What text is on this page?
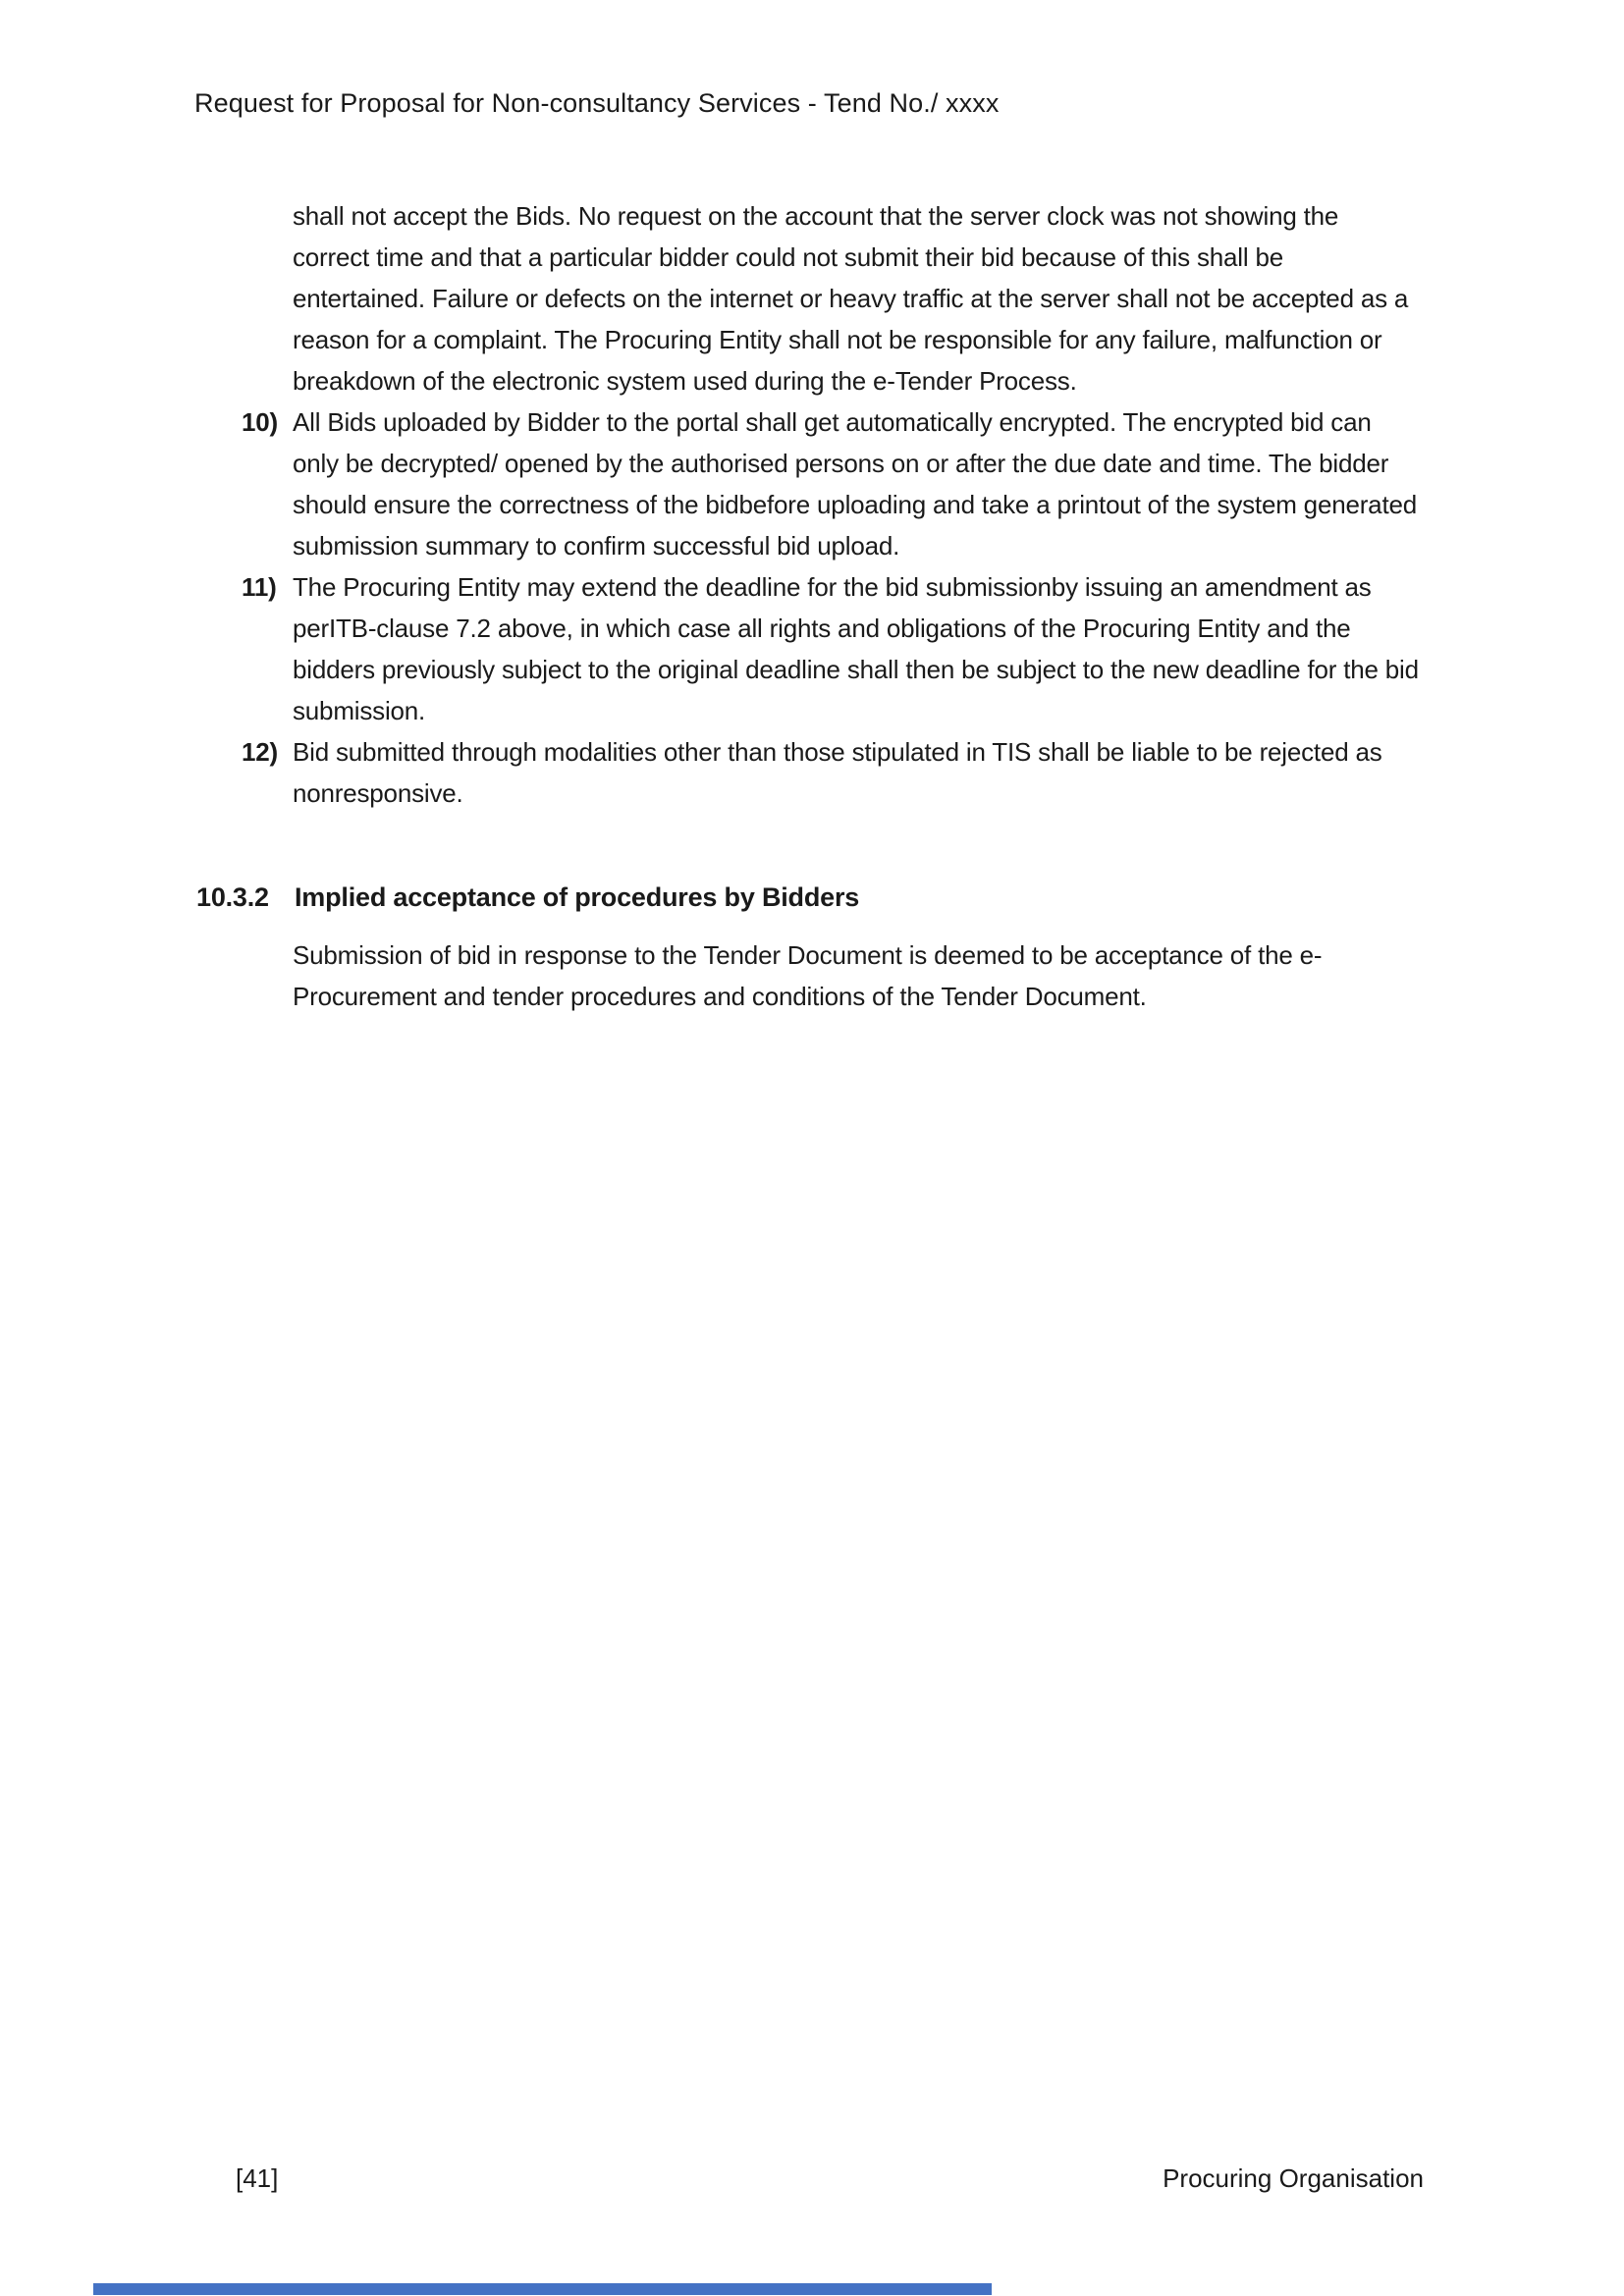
Request for Proposal for Non-consultancy Services - Tend No./ xxxx

shall not accept the Bids. No request on the account that the server clock was not showing the correct time and that a particular bidder could not submit their bid because of this shall be entertained. Failure or defects on the internet or heavy traffic at the server shall not be accepted as a reason for a complaint. The Procuring Entity shall not be responsible for any failure, malfunction or breakdown of the electronic system used during the e-Tender Process.

10) All Bids uploaded by Bidder to the portal shall get automatically encrypted. The encrypted bid can only be decrypted/ opened by the authorised persons on or after the due date and time. The bidder should ensure the correctness of the bidbefore uploading and take a printout of the system generated submission summary to confirm successful bid upload.
11) The Procuring Entity may extend the deadline for the bid submissionby issuing an amendment as perITB-clause 7.2 above, in which case all rights and obligations of the Procuring Entity and the bidders previously subject to the original deadline shall then be subject to the new deadline for the bid submission.
12) Bid submitted through modalities other than those stipulated in TIS shall be liable to be rejected as nonresponsive.
10.3.2 Implied acceptance of procedures by Bidders

Submission of bid in response to the Tender Document is deemed to be acceptance of the e-Procurement and tender procedures and conditions of the Tender Document.

[41]	Procuring Organisation
